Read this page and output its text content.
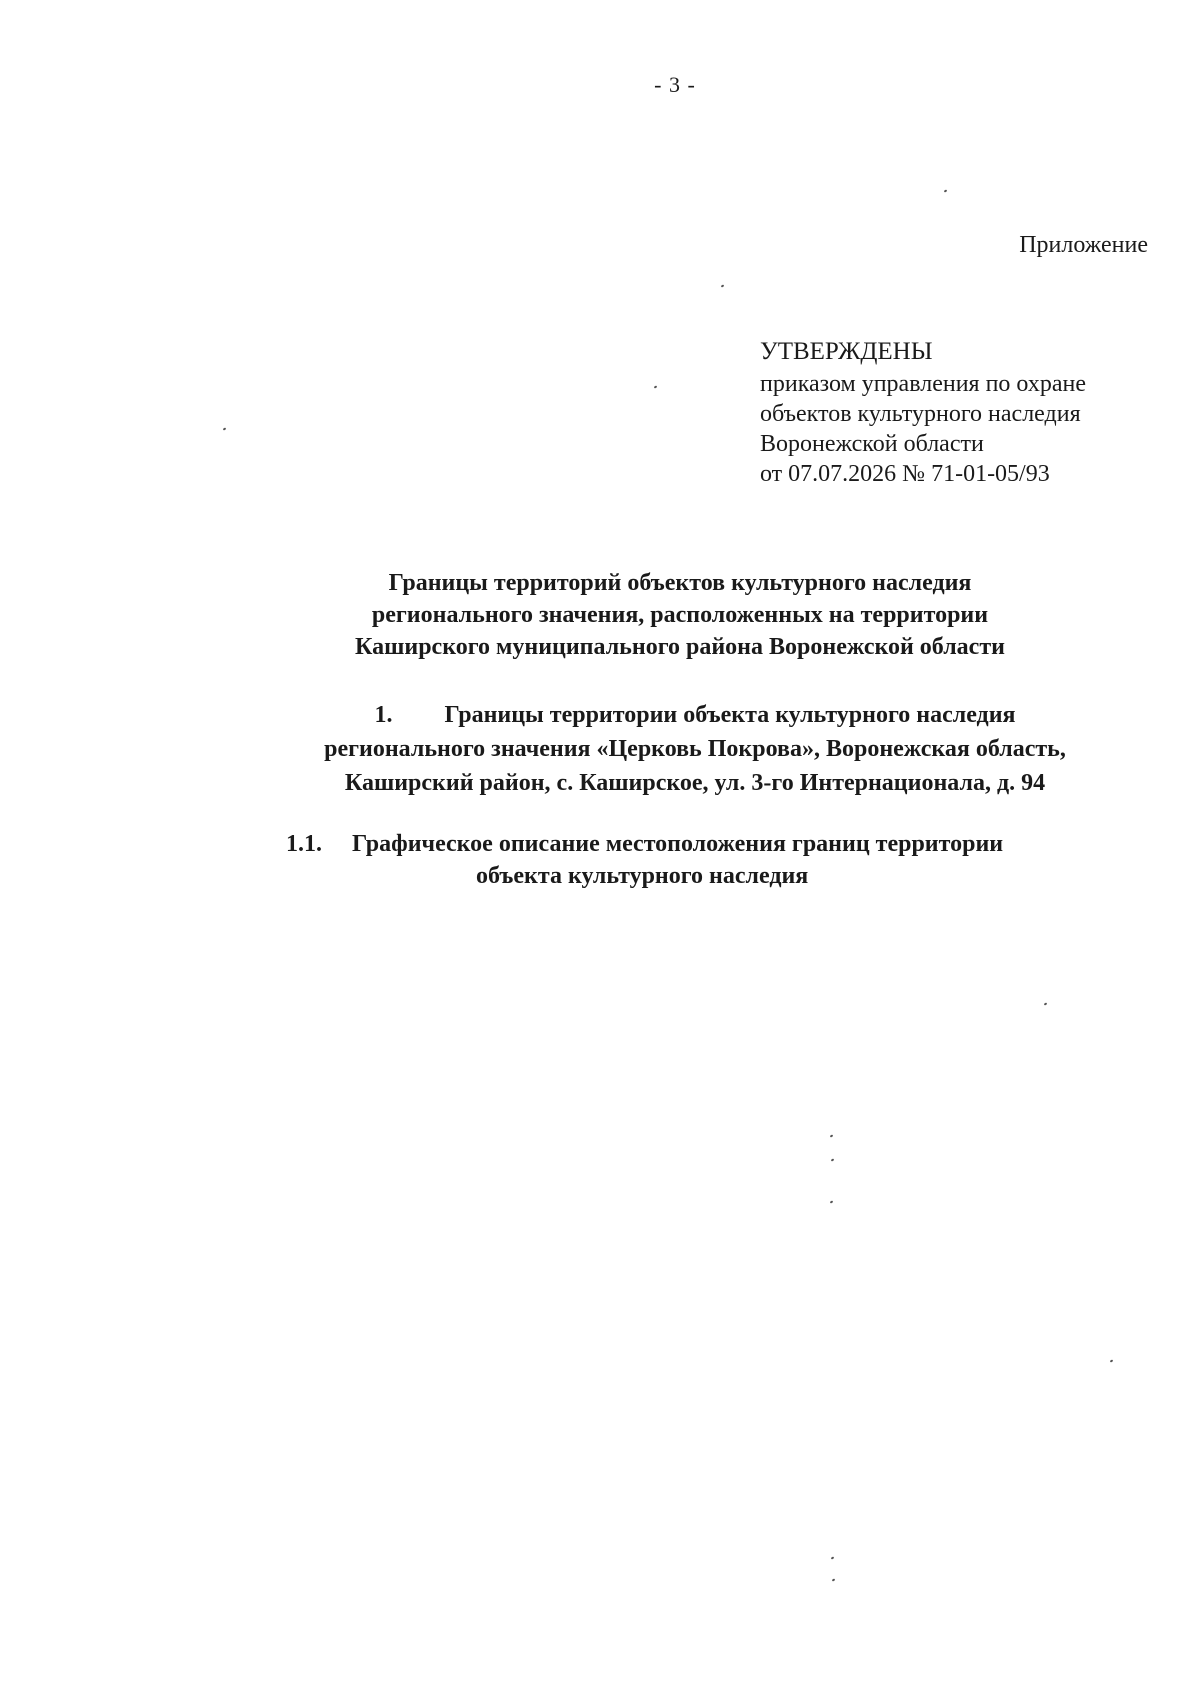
- 3 -
Приложение
УТВЕРЖДЕНЫ
приказом управления по охране
объектов культурного наследия
Воронежской области
от 07.07.2026 № 71-01-05/93
Границы территорий объектов культурного наследия
регионального значения, расположенных на территории
Каширского муниципального района Воронежской области
1. Границы территории объекта культурного наследия
регионального значения «Церковь Покрова», Воронежская область,
Каширский район, с. Каширское, ул. 3-го Интернационала, д. 94
1.1. Графическое описание местоположения границ территории
объекта культурного наследия
